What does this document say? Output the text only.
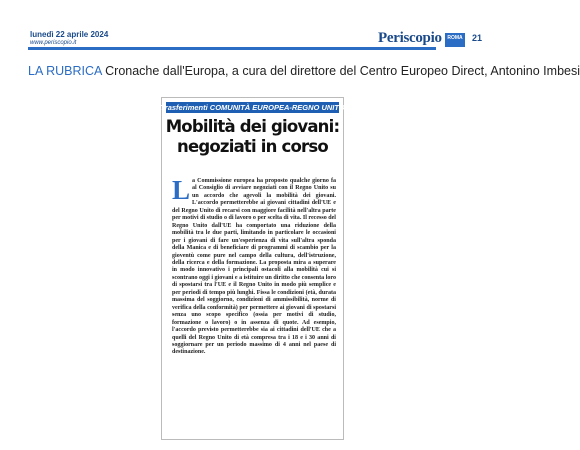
lunedì 22 aprile 2024
www.periscopio.it	Periscopio	ROMA 21
LA RUBRICA Cronache dall'Europa, a cura del direttore del Centro Europeo Direct, Antonino Imbesi
Trasferimenti COMUNITÀ EUROPEA-REGNO UNITO
Mobilità dei giovani:
negoziati in corso
La Commissione europea ha proposto qualche giorno fa al Consiglio di avviare negoziati con il Regno Unito su un accordo che agevoli la mobilità dei giovani. L'accordo permetterebbe ai giovani cittadini dell'UE e del Regno Unito di recarsi con maggiore facilità nell'altra parte per motivi di studio o di lavoro o per scelta di vita. Il recesso del Regno Unito dall'UE ha comportato una riduzione della mobilità tra le due parti, limitando in particolare le occasioni per i giovani di fare un'esperienza di vita sull'altra sponda della Manica e di beneficiare di programmi di scambio per la gioventù come pure nel campo della cultura, dell'istruzione, della ricerca e della formazione. La proposta mira a superare in modo innovativo i principali ostacoli alla mobilità cui si scontrano oggi i giovani e a istituire un diritto che consenta loro di spostarsi tra l'UE e il Regno Unito in modo più semplice e per periodi di tempo più lunghi. Fissa le condizioni (età, durata massima del soggiorno, condizioni di ammissibilità, norme di verifica della conformità) per permettere ai giovani di spostarsi senza uno scopo specifico (ossia per motivi di studio, formazione o lavoro) o in assenza di quote. Ad esempio, l'accordo previsto permetterebbe sia ai cittadini dell'UE che a quelli del Regno Unito di età compresa tra i 18 e i 30 anni di soggiornare per un periodo massimo di 4 anni nel paese di destinazione.
